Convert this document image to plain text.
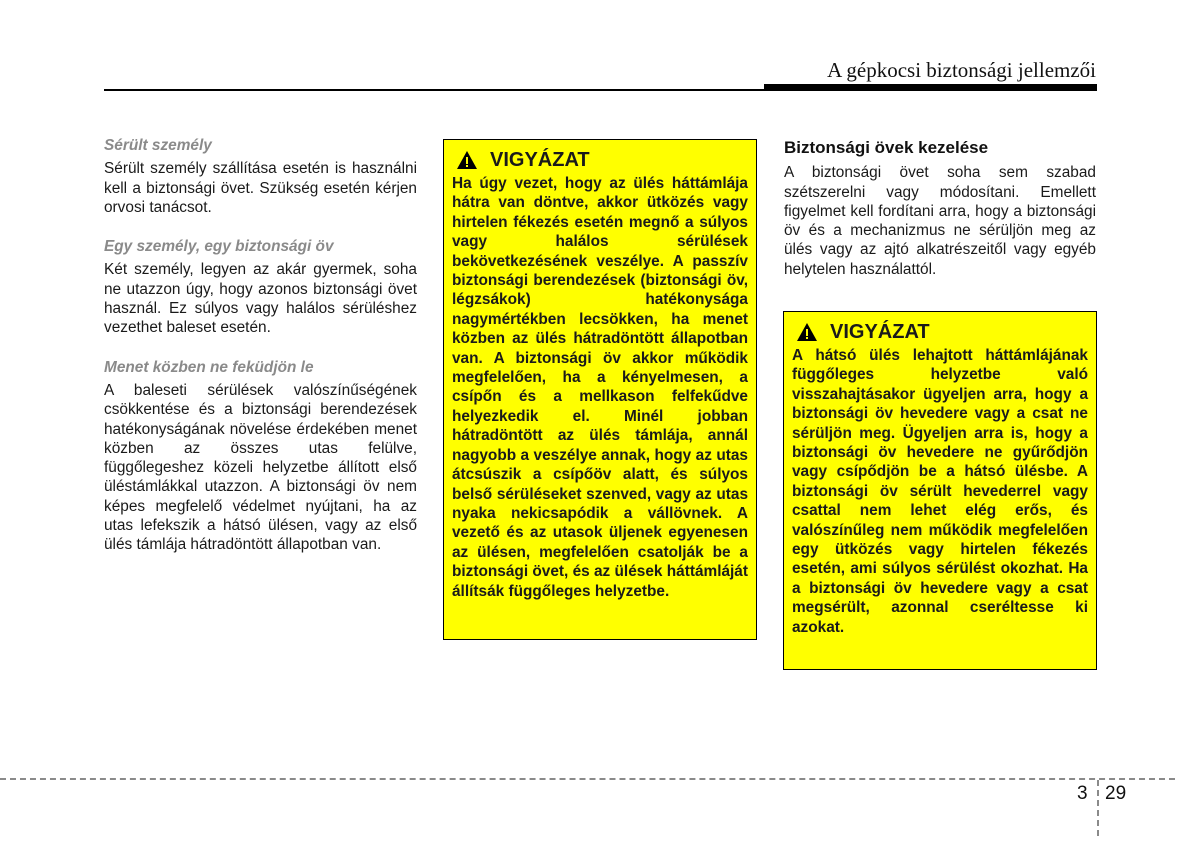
A gépkocsi biztonsági jellemzői
Sérült személy

Sérült személy szállítása esetén is használni kell a biztonsági övet. Szükség esetén kérjen orvosi tanácsot.

Egy személy, egy biztonsági öv

Két személy, legyen az akár gyermek, soha ne utazzon úgy, hogy azonos biztonsági övet használ. Ez súlyos vagy halálos sérüléshez vezethet baleset esetén.

Menet közben ne feküdjön le

A baleseti sérülések valószínűségének csökkentése és a biztonsági berendezések hatékonyságának növelése érdekében menet közben az összes utas felülve, függőlegeshez közeli helyzetbe állított első üléstámlákkal utazzon. A biztonsági öv nem képes megfelelő védelmet nyújtani, ha az utas lefekszik a hátsó ülésen, vagy az első ülés támlája hátradöntött állapotban van.

VIGYÁZAT

Ha úgy vezet, hogy az ülés háttámlája hátra van döntve, akkor ütközés vagy hirtelen fékezés esetén megnő a súlyos vagy halálos sérülések bekövetkezésének veszélye. A passzív biztonsági berendezések (biztonsági öv, légzsákok) hatékonysága nagymértékben lecsökken, ha menet közben az ülés hátradöntött állapotban van. A biztonsági öv akkor működik megfelelően, ha a kényelmesen, a csípőn és a mellkason felfekűdve helyezkedik el. Minél jobban hátradöntött az ülés támlája, annál nagyobb a veszélye annak, hogy az utas átcsúszik a csípőöv alatt, és súlyos belső sérüléseket szenved, vagy az utas nyaka nekicsapódik a vállövnek. A vezető és az utasok üljenek egyenesen az ülésen, megfelelően csatolják be a biztonsági övet, és az ülések háttámláját állítsák függőleges helyzetbe.

Biztonsági övek kezelése

A biztonsági övet soha sem szabad szétszerelni vagy módosítani. Emellett figyelmet kell fordítani arra, hogy a biztonsági öv és a mechanizmus ne sérüljön meg az ülés vagy az ajtó alkatrészeitől vagy egyéb helytelen használattól.

VIGYÁZAT

A hátsó ülés lehajtott háttámlájának függőleges helyzetbe való visszahajtásakor ügyeljen arra, hogy a biztonsági öv hevedere vagy a csat ne sérüljön meg. Ügyeljen arra is, hogy a biztonsági öv hevedere ne gyűrődjön vagy csípődjön be a hátsó ülésbe. A biztonsági öv sérült hevederrel vagy csattal nem lehet elég erős, és valószínűleg nem működik megfelelően egy ütközés vagy hirtelen fékezés esetén, ami súlyos sérülést okozhat. Ha a biztonsági öv hevedere vagy a csat megsérült, azonnal cseréltesse ki azokat.

3 29
